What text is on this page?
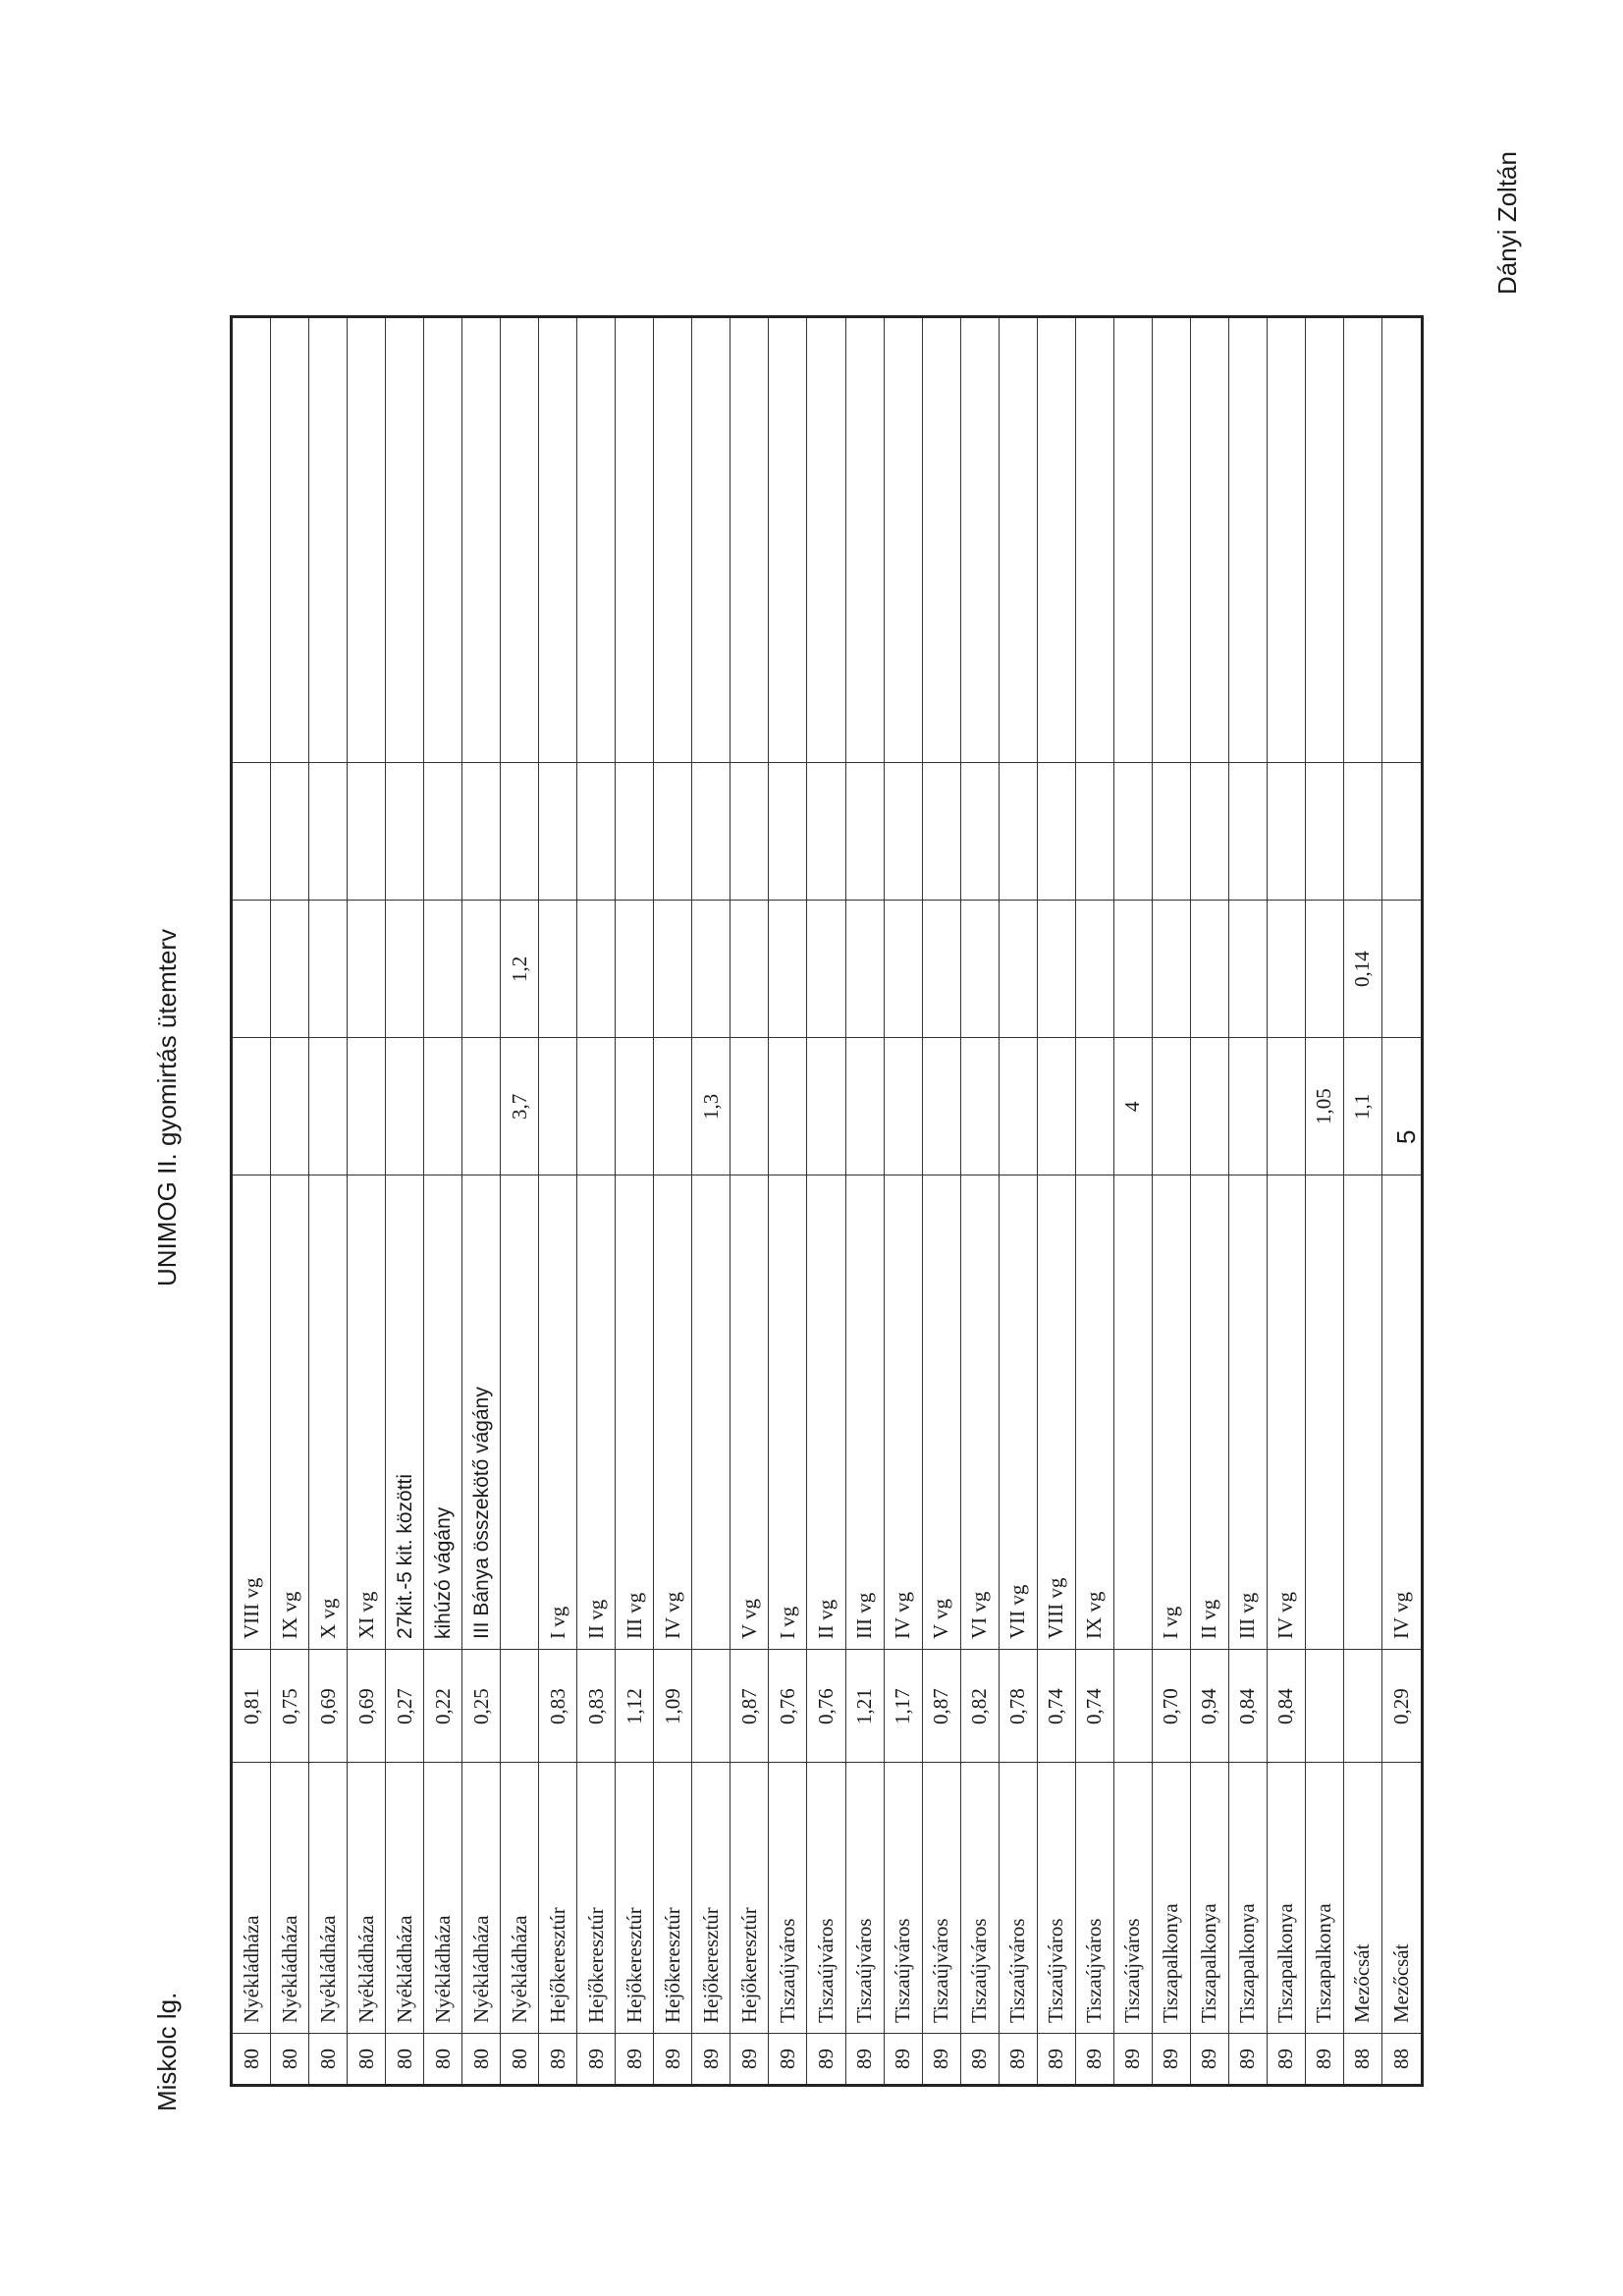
Miskolc lg.
UNIMOG II. gyomirtás ütemterv
Dányi Zoltán
5
80
Nyékládháza
0,81
VIII vg
80
Nyékládháza
0,75
IX vg
80
Nyékládháza
0,69
X vg
80
Nyékládháza
0,69
XI vg
80
Nyékládháza
0,27
27kit.-5 kit. közötti
80
Nyékládháza
0,22
kihúzó vágány
80
Nyékládháza
0,25
III Bánya összekötő vágány
80
Nyékládháza
3,7
1,2
89
Hejőkeresztúr
0,83
I vg
89
Hejőkeresztúr
0,83
II vg
89
Hejőkeresztúr
1,12
III vg
89
Hejőkeresztúr
1,09
IV vg
89
Hejőkeresztúr
1,3
89
Hejőkeresztúr
0,87
V vg
89
Tiszaújváros
0,76
I vg
89
Tiszaújváros
0,76
II vg
89
Tiszaújváros
1,21
III vg
89
Tiszaújváros
1,17
IV vg
89
Tiszaújváros
0,87
V vg
89
Tiszaújváros
0,82
VI vg
89
Tiszaújváros
0,78
VII vg
89
Tiszaújváros
0,74
VIII vg
89
Tiszaújváros
0,74
IX vg
89
Tiszaújváros
4
89
Tiszapalkonya
0,70
I vg
89
Tiszapalkonya
0,94
II vg
89
Tiszapalkonya
0,84
III vg
89
Tiszapalkonya
0,84
IV vg
89
Tiszapalkonya
1,05
88
Mezőcsát
1,1
0,14
88
Mezőcsát
0,29
IV vg
